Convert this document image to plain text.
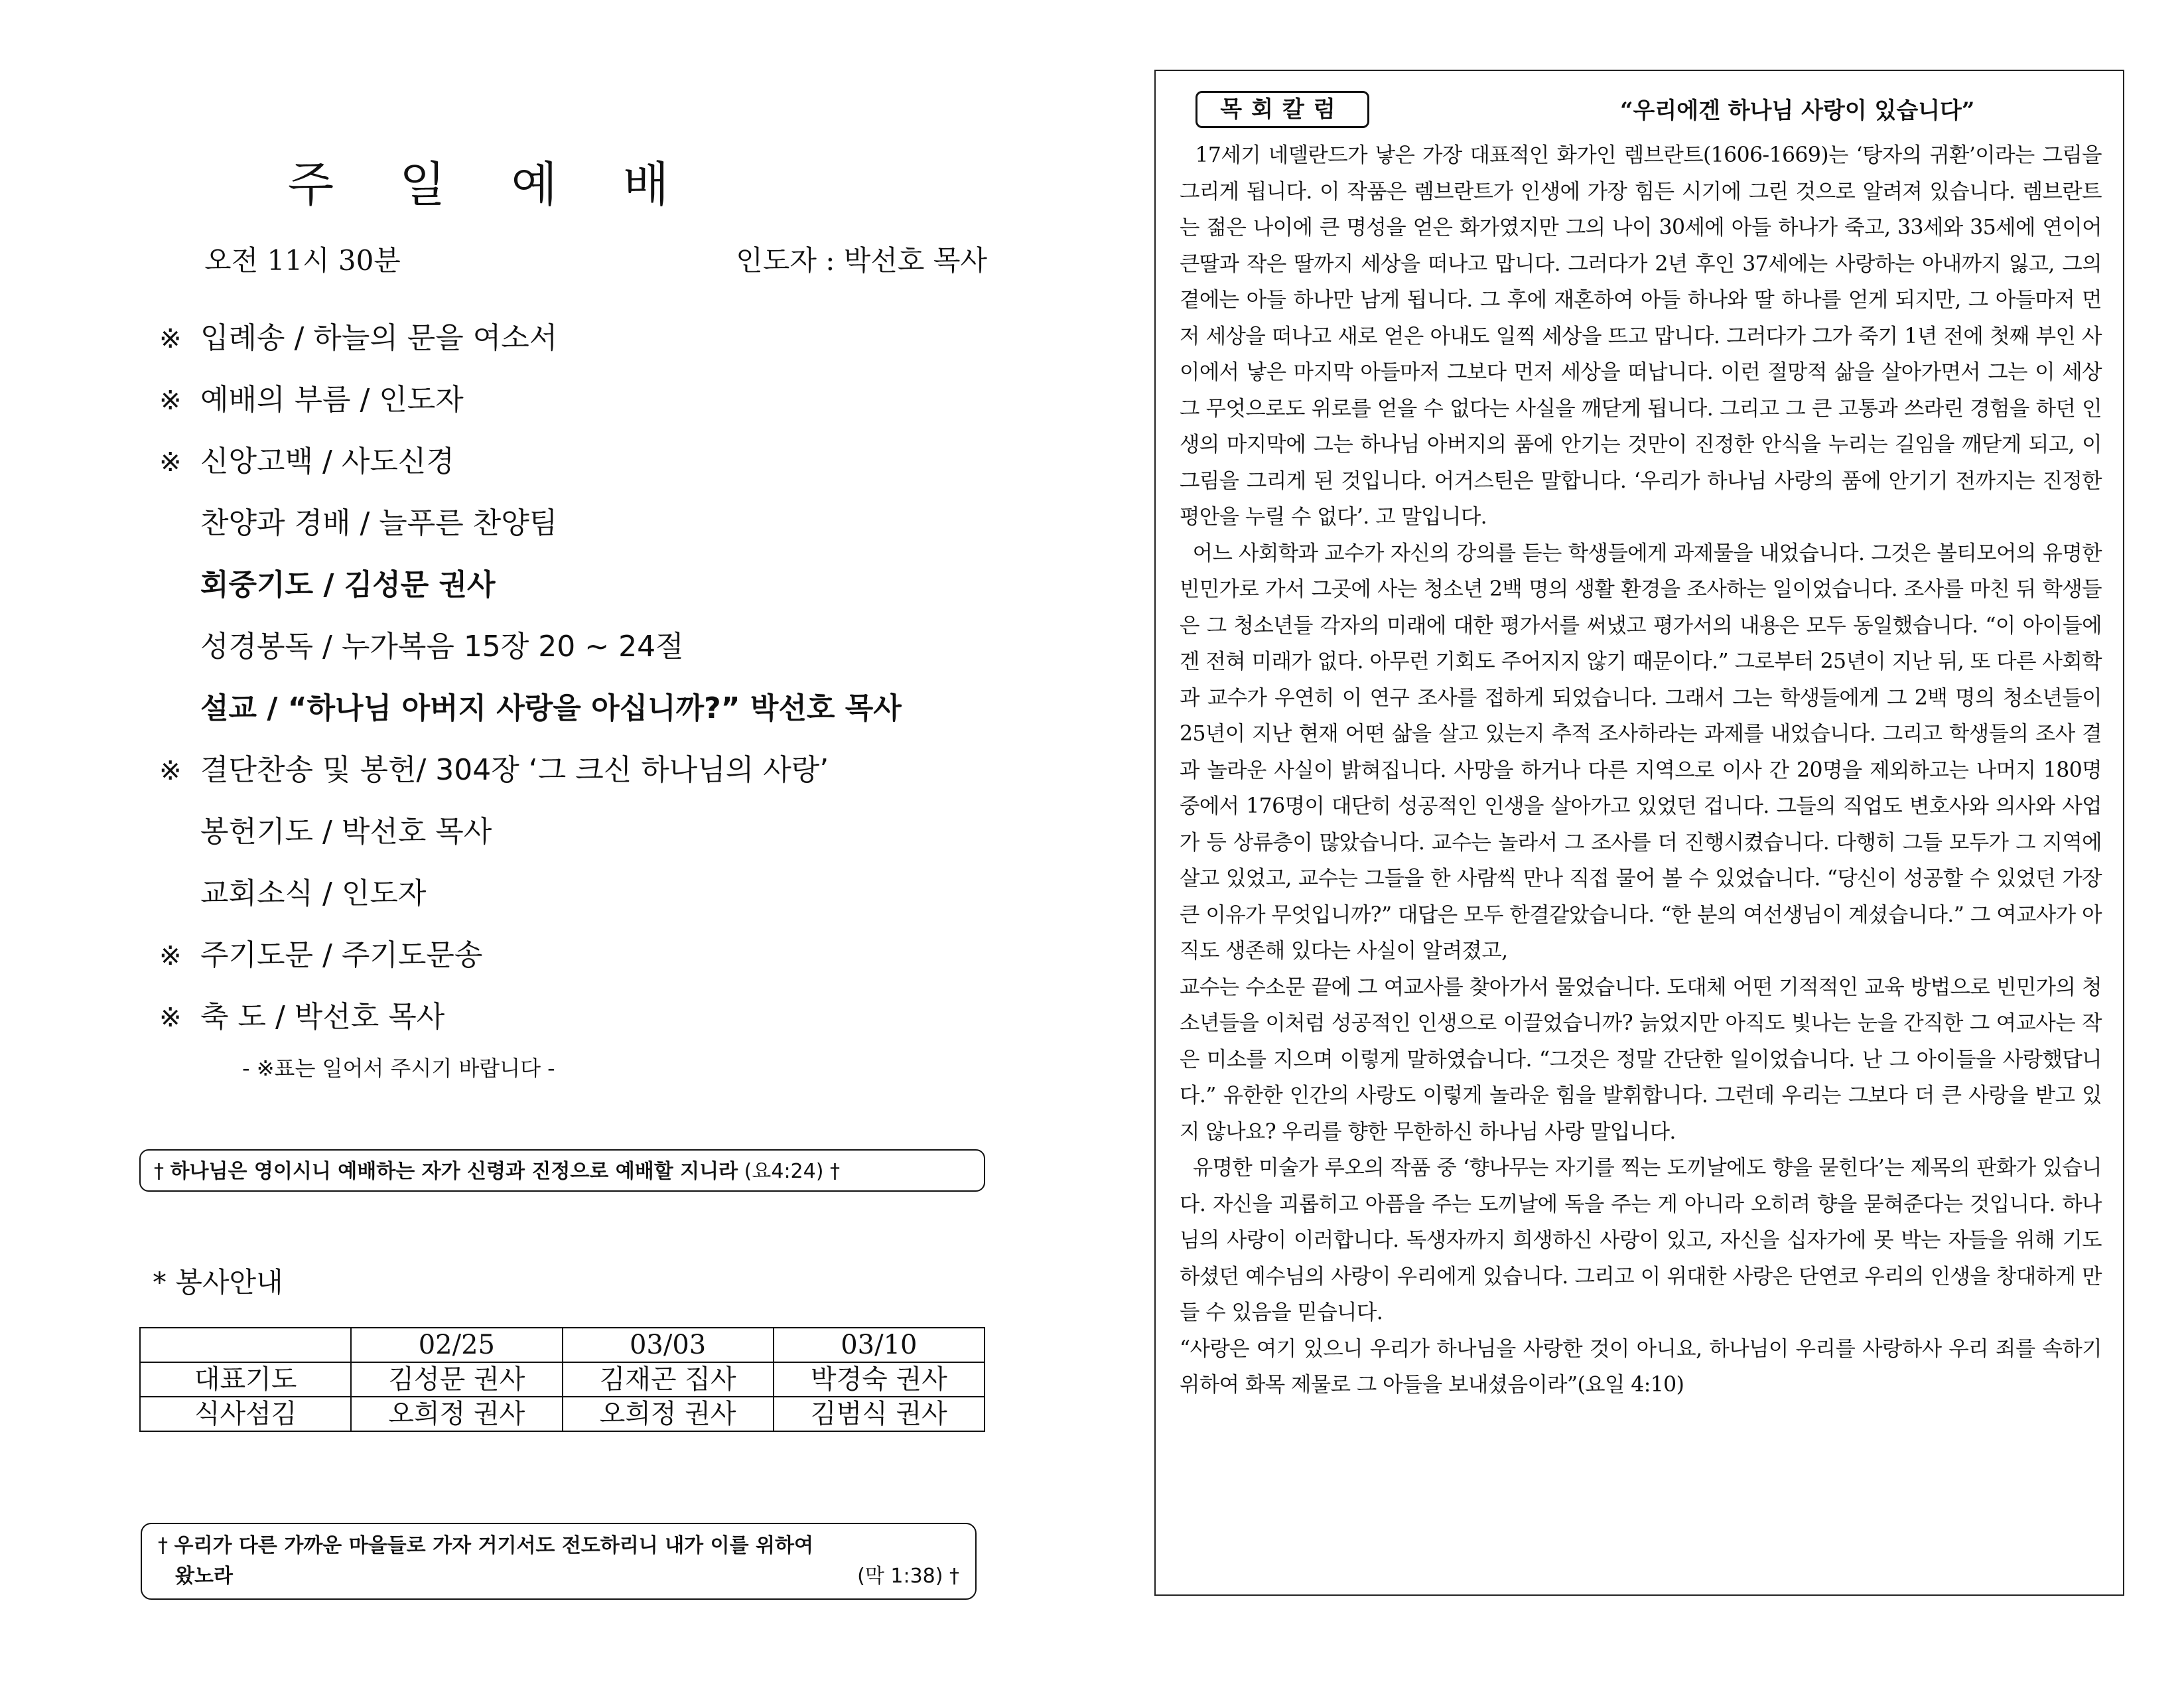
주 일 예 배
오전 11시 30분	인도자 : 박선호 목사
※ 입례송 / 하늘의 문을 여소서
※ 예배의 부름 / 인도자
※ 신앙고백 / 사도신경
찬양과 경배 / 늘푸른 찬양팀
회중기도 / 김성문 권사
성경봉독 / 누가복음 15장 20 ~ 24절
설교 / “하나님 아버지 사랑을 아십니까?” 박선호 목사
※ 결단찬송 및 봉헌/ 304장 ‘그 크신 하나님의 사랑’
봉헌기도 / 박선호 목사
교회소식 / 인도자
※ 주기도문 / 주기도문송
※ 축 도 / 박선호 목사
- ※표는 일어서 주시기 바랍니다 -
† 하나님은 영이시니 예배하는 자가 신령과 진정으로 예배할 지니라 (요4:24) †
* 봉사안내
	02/25	03/03	03/10
대표기도	김성문 권사	김재곤 집사	박경숙 권사
식사섬김	오희정 권사	오희정 권사	김범식 권사
† 우리가 다른 가까운 마을들로 가자 거기서도 전도하리니 내가 이를 위하여
왔노라	(막 1:38) †
목회칼럼	“우리에겐 하나님 사랑이 있습니다”

17세기 네델란드가 낳은 가장 대표적인 화가인 렘브란트(1606-1669)는 ‘탕자의 귀환’이라는 그림을 그리게 됩니다. 이 작품은 렘브란트가 인생에 가장 힘든 시기에 그린 것으로 알려져 있습니다. 렘브란트는 젊은 나이에 큰 명성을 얻은 화가였지만 그의 나이 30세에 아들 하나가 죽고, 33세와 35세에 연이어 큰딸과 작은 딸까지 세상을 떠나고 맙니다. 그러다가 2년 후인 37세에는 사랑하는 아내까지 잃고, 그의 곁에는 아들 하나만 남게 됩니다. 그 후에 재혼하여 아들 하나와 딸 하나를 얻게 되지만, 그 아들마저 먼저 세상을 떠나고 새로 얻은 아내도 일찍 세상을 뜨고 맙니다. 그러다가 그가 죽기 1년 전에 첫째 부인 사이에서 낳은 마지막 아들마저 그보다 먼저 세상을 떠납니다. 이런 절망적 삶을 살아가면서 그는 이 세상 그 무엇으로도 위로를 얻을 수 없다는 사실을 깨닫게 됩니다. 그리고 그 큰 고통과 쓰라린 경험을 하던 인생의 마지막에 그는 하나님 아버지의 품에 안기는 것만이 진정한 안식을 누리는 길임을 깨닫게 되고, 이 그림을 그리게 된 것입니다. 어거스틴은 말합니다. ‘우리가 하나님 사랑의 품에 안기기 전까지는 진정한 평안을 누릴 수 없다’. 고 말입니다.

어느 사회학과 교수가 자신의 강의를 듣는 학생들에게 과제물을 내었습니다. 그것은 볼티모어의 유명한 빈민가로 가서 그곳에 사는 청소년 2백 명의 생활 환경을 조사하는 일이었습니다. 조사를 마친 뒤 학생들은 그 청소년들 각자의 미래에 대한 평가서를 써냈고 평가서의 내용은 모두 동일했습니다. “이 아이들에겐 전혀 미래가 없다. 아무런 기회도 주어지지 않기 때문이다.” 그로부터 25년이 지난 뒤, 또 다른 사회학과 교수가 우연히 이 연구 조사를 접하게 되었습니다. 그래서 그는 학생들에게 그 2백 명의 청소년들이 25년이 지난 현재 어떤 삶을 살고 있는지 추적 조사하라는 과제를 내었습니다. 그리고 학생들의 조사 결과 놀라운 사실이 밝혀집니다. 사망을 하거나 다른 지역으로 이사 간 20명을 제외하고는 나머지 180명 중에서 176명이 대단히 성공적인 인생을 살아가고 있었던 겁니다. 그들의 직업도 변호사와 의사와 사업가 등 상류층이 많았습니다. 교수는 놀라서 그 조사를 더 진행시켰습니다. 다행히 그들 모두가 그 지역에 살고 있었고, 교수는 그들을 한 사람씩 만나 직접 물어 볼 수 있었습니다. “당신이 성공할 수 있었던 가장 큰 이유가 무엇입니까?” 대답은 모두 한결같았습니다. “한 분의 여선생님이 계셨습니다.” 그 여교사가 아직도 생존해 있다는 사실이 알려졌고,

교수는 수소문 끝에 그 여교사를 찾아가서 물었습니다. 도대체 어떤 기적적인 교육 방법으로 빈민가의 청소년들을 이처럼 성공적인 인생으로 이끌었습니까? 늙었지만 아직도 빛나는 눈을 간직한 그 여교사는 작은 미소를 지으며 이렇게 말하였습니다. “그것은 정말 간단한 일이었습니다. 난 그 아이들을 사랑했답니다.” 유한한 인간의 사랑도 이렇게 놀라운 힘을 발휘합니다. 그런데 우리는 그보다 더 큰 사랑을 받고 있지 않나요? 우리를 향한 무한하신 하나님 사랑 말입니다.

유명한 미술가 루오의 작품 중 ‘향나무는 자기를 찍는 도끼날에도 향을 묻힌다’는 제목의 판화가 있습니다. 자신을 괴롭히고 아픔을 주는 도끼날에 독을 주는 게 아니라 오히려 향을 묻혀준다는 것입니다. 하나님의 사랑이 이러합니다. 독생자까지 희생하신 사랑이 있고, 자신을 십자가에 못 박는 자들을 위해 기도하셨던 예수님의 사랑이 우리에게 있습니다. 그리고 이 위대한 사랑은 단연코 우리의 인생을 창대하게 만들 수 있음을 믿습니다.

“사랑은 여기 있으니 우리가 하나님을 사랑한 것이 아니요, 하나님이 우리를 사랑하사 우리 죄를 속하기 위하여 화목 제물로 그 아들을 보내셨음이라”(요일 4:10)
